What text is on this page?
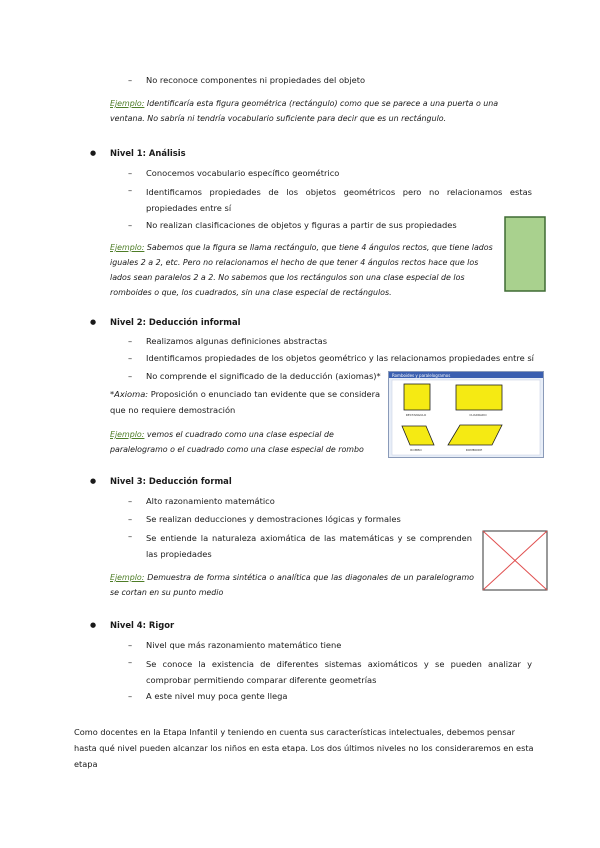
– No reconoce componentes ni propiedades del objeto
Ejemplo: Identificaría esta figura geométrica (rectángulo) como que se parece a una puerta o una ventana. No sabría ni tendría vocabulario suficiente para decir que es un rectángulo.
● Nivel 1: Análisis
– Conocemos vocabulario específico geométrico
– Identificamos propiedades de los objetos geométricos pero no relacionamos estas propiedades entre sí
– No realizan clasificaciones de objetos y figuras a partir de sus propiedades
Ejemplo: Sabemos que la figura se llama rectángulo, que tiene 4 ángulos rectos, que tiene lados iguales 2 a 2, etc. Pero no relacionamos el hecho de que tener 4 ángulos rectos hace que los lados sean paralelos 2 a 2. No sabemos que los rectángulos son una clase especial de los romboides o que, los cuadrados, sin una clase especial de rectángulos.
● Nivel 2: Deducción informal
– Realizamos algunas definiciones abstractas
– Identificamos propiedades de los objetos geométrico y las relacionamos propiedades entre sí
– No comprende el significado de la deducción (axiomas)*
*Axioma: Proposición o enunciado tan evidente que se considera que no requiere demostración
Ejemplo: vemos el cuadrado como una clase especial de paralelogramo o el cuadrado como una clase especial de rombo
Romboides y paralelogramos
RECTANGULO	CUADRADO
ROMBO	ROMBOIDE
● Nivel 3: Deducción formal
– Alto razonamiento matemático
– Se realizan deducciones y demostraciones lógicas y formales
– Se entiende la naturaleza axiomática de las matemáticas y se comprenden las propiedades
Ejemplo: Demuestra de forma sintética o analítica que las diagonales de un paralelogramo se cortan en su punto medio
● Nivel 4: Rigor
– Nivel que más razonamiento matemático tiene
– Se conoce la existencia de diferentes sistemas axiomáticos y se pueden analizar y comprobar permitiendo comparar diferente geometrías
– A este nivel muy poca gente llega
Como docentes en la Etapa Infantil y teniendo en cuenta sus características intelectuales, debemos pensar hasta qué nivel pueden alcanzar los niños en esta etapa. Los dos últimos niveles no los consideraremos en esta etapa
